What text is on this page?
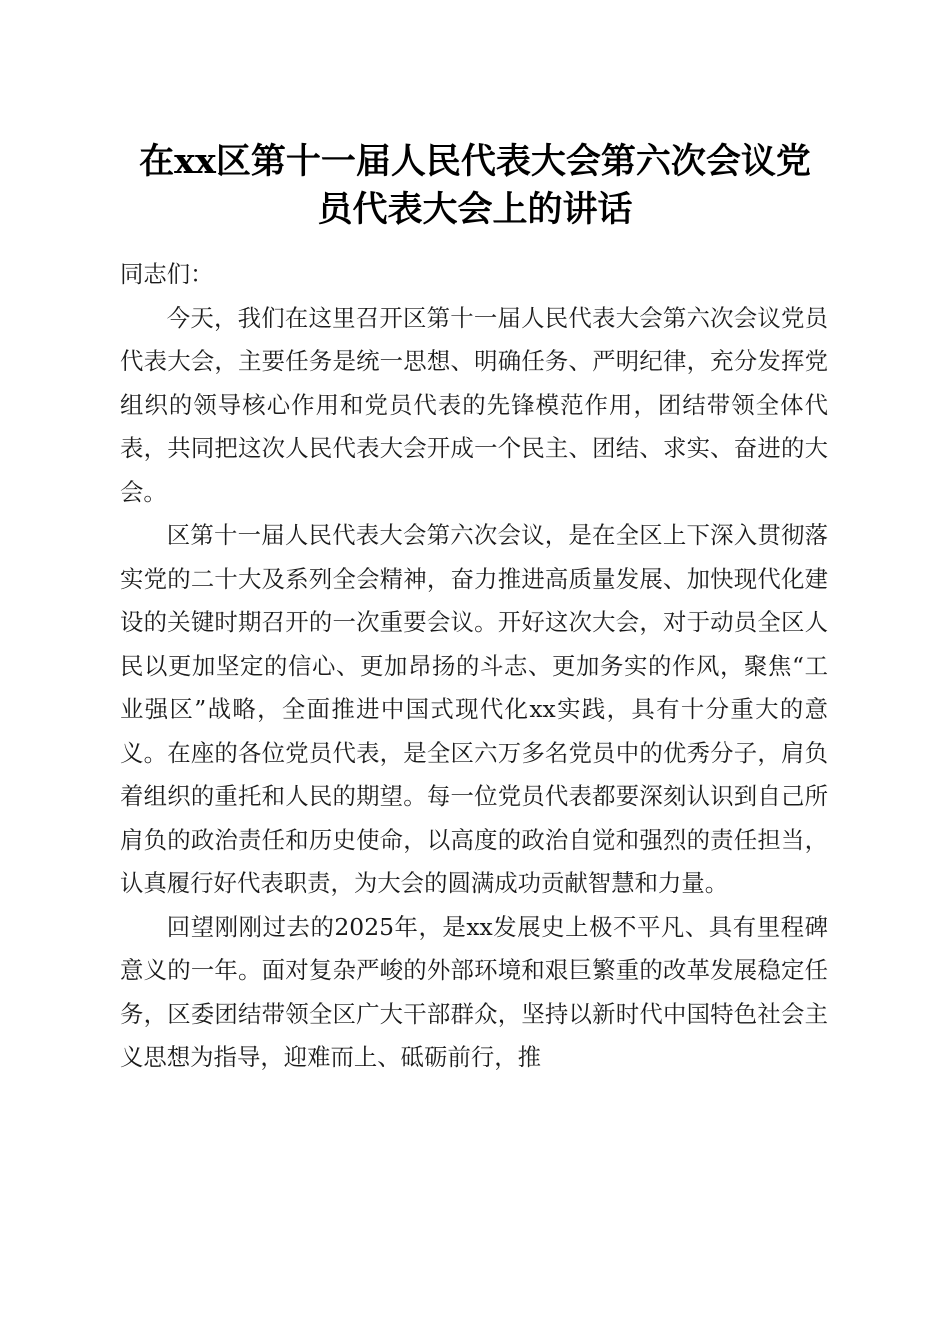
在xx区第十一届人民代表大会第六次会议党
员代表大会上的讲话

同志们：

今天，我们在这里召开区第十一届人民代表大会第六次会议党员代表大会，主要任务是统一思想、明确任务、严明纪律，充分发挥党组织的领导核心作用和党员代表的先锋模范作用，团结带领全体代表，共同把这次人民代表大会开成一个民主、团结、求实、奋进的大会。

区第十一届人民代表大会第六次会议，是在全区上下深入贯彻落实党的二十大及系列全会精神，奋力推进高质量发展、加快现代化建设的关键时期召开的一次重要会议。开好这次大会，对于动员全区人民以更加坚定的信心、更加昂扬的斗志、更加务实的作风，聚焦“工业强区”战略，全面推进中国式现代化xx实践，具有十分重大的意义。在座的各位党员代表，是全区六万多名党员中的优秀分子，肩负着组织的重托和人民的期望。每一位党员代表都要深刻认识到自己所肩负的政治责任和历史使命，以高度的政治自觉和强烈的责任担当，认真履行好代表职责，为大会的圆满成功贡献智慧和力量。

回望刚刚过去的2025年，是xx发展史上极不平凡、具有里程碑意义的一年。面对复杂严峻的外部环境和艰巨繁重的改革发展稳定任务，区委团结带领全区广大干部群众，坚持以新时代中国特色社会主义思想为指导，迎难而上、砥砺前行，推
